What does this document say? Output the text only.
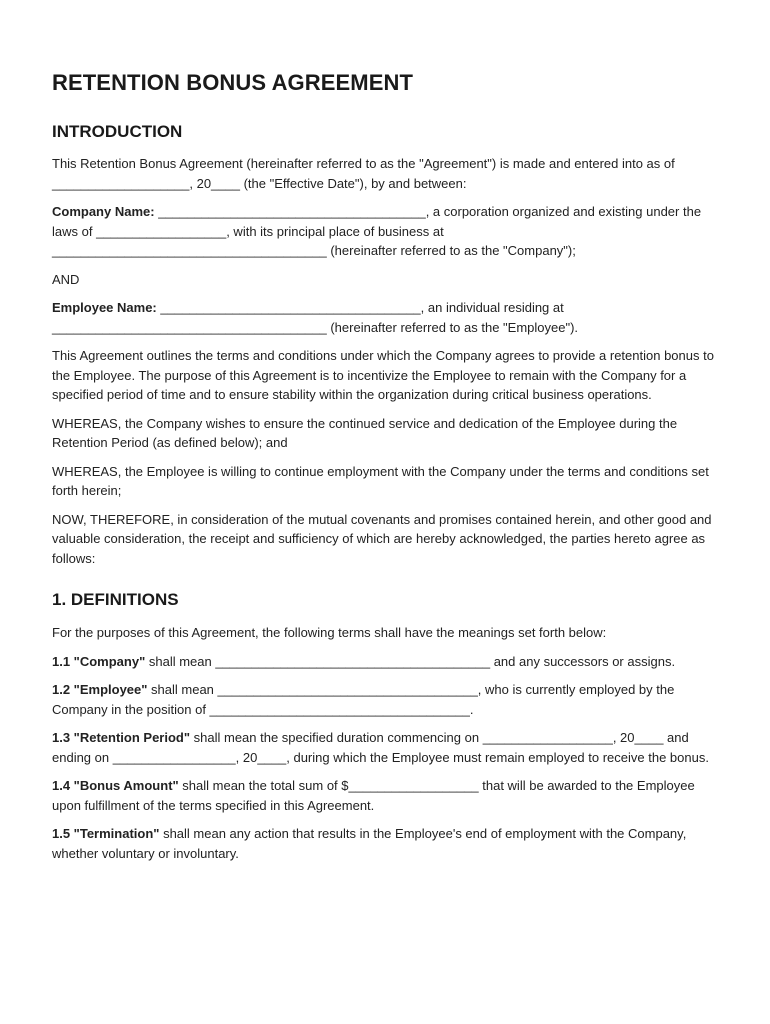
RETENTION BONUS AGREEMENT
INTRODUCTION

This Retention Bonus Agreement (hereinafter referred to as the "Agreement") is made and entered into as of ___________________, 20____ (the "Effective Date"), by and between:

Company Name: _____________________________________, a corporation organized and existing under the laws of __________________, with its principal place of business at ______________________________________ (hereinafter referred to as the "Company");

AND

Employee Name: ____________________________________, an individual residing at ______________________________________ (hereinafter referred to as the "Employee").

This Agreement outlines the terms and conditions under which the Company agrees to provide a retention bonus to the Employee. The purpose of this Agreement is to incentivize the Employee to remain with the Company for a specified period of time and to ensure stability within the organization during critical business operations.

WHEREAS, the Company wishes to ensure the continued service and dedication of the Employee during the Retention Period (as defined below); and

WHEREAS, the Employee is willing to continue employment with the Company under the terms and conditions set forth herein;

NOW, THEREFORE, in consideration of the mutual covenants and promises contained herein, and other good and valuable consideration, the receipt and sufficiency of which are hereby acknowledged, the parties hereto agree as follows:

1. DEFINITIONS

For the purposes of this Agreement, the following terms shall have the meanings set forth below:

1.1 "Company" shall mean ______________________________________ and any successors or assigns.

1.2 "Employee" shall mean ____________________________________, who is currently employed by the Company in the position of ____________________________________.

1.3 "Retention Period" shall mean the specified duration commencing on __________________, 20____ and ending on _________________, 20____, during which the Employee must remain employed to receive the bonus.

1.4 "Bonus Amount" shall mean the total sum of $__________________ that will be awarded to the Employee upon fulfillment of the terms specified in this Agreement.

1.5 "Termination" shall mean any action that results in the Employee's end of employment with the Company, whether voluntary or involuntary.
